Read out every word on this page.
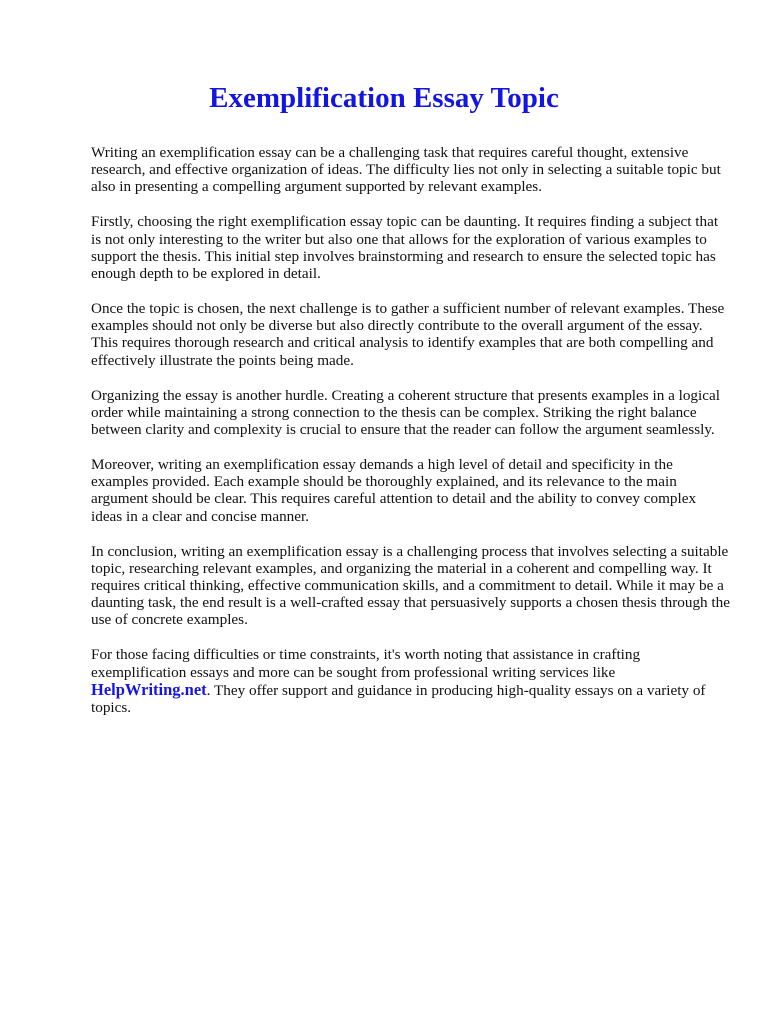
Exemplification Essay Topic

Writing an exemplification essay can be a challenging task that requires careful thought, extensive research, and effective organization of ideas. The difficulty lies not only in selecting a suitable topic but also in presenting a compelling argument supported by relevant examples.

Firstly, choosing the right exemplification essay topic can be daunting. It requires finding a subject that is not only interesting to the writer but also one that allows for the exploration of various examples to support the thesis. This initial step involves brainstorming and research to ensure the selected topic has enough depth to be explored in detail.

Once the topic is chosen, the next challenge is to gather a sufficient number of relevant examples. These examples should not only be diverse but also directly contribute to the overall argument of the essay. This requires thorough research and critical analysis to identify examples that are both compelling and effectively illustrate the points being made.

Organizing the essay is another hurdle. Creating a coherent structure that presents examples in a logical order while maintaining a strong connection to the thesis can be complex. Striking the right balance between clarity and complexity is crucial to ensure that the reader can follow the argument seamlessly.

Moreover, writing an exemplification essay demands a high level of detail and specificity in the examples provided. Each example should be thoroughly explained, and its relevance to the main argument should be clear. This requires careful attention to detail and the ability to convey complex ideas in a clear and concise manner.

In conclusion, writing an exemplification essay is a challenging process that involves selecting a suitable topic, researching relevant examples, and organizing the material in a coherent and compelling way. It requires critical thinking, effective communication skills, and a commitment to detail. While it may be a daunting task, the end result is a well-crafted essay that persuasively supports a chosen thesis through the use of concrete examples.

For those facing difficulties or time constraints, it's worth noting that assistance in crafting exemplification essays and more can be sought from professional writing services like HelpWriting.net. They offer support and guidance in producing high-quality essays on a variety of topics.
